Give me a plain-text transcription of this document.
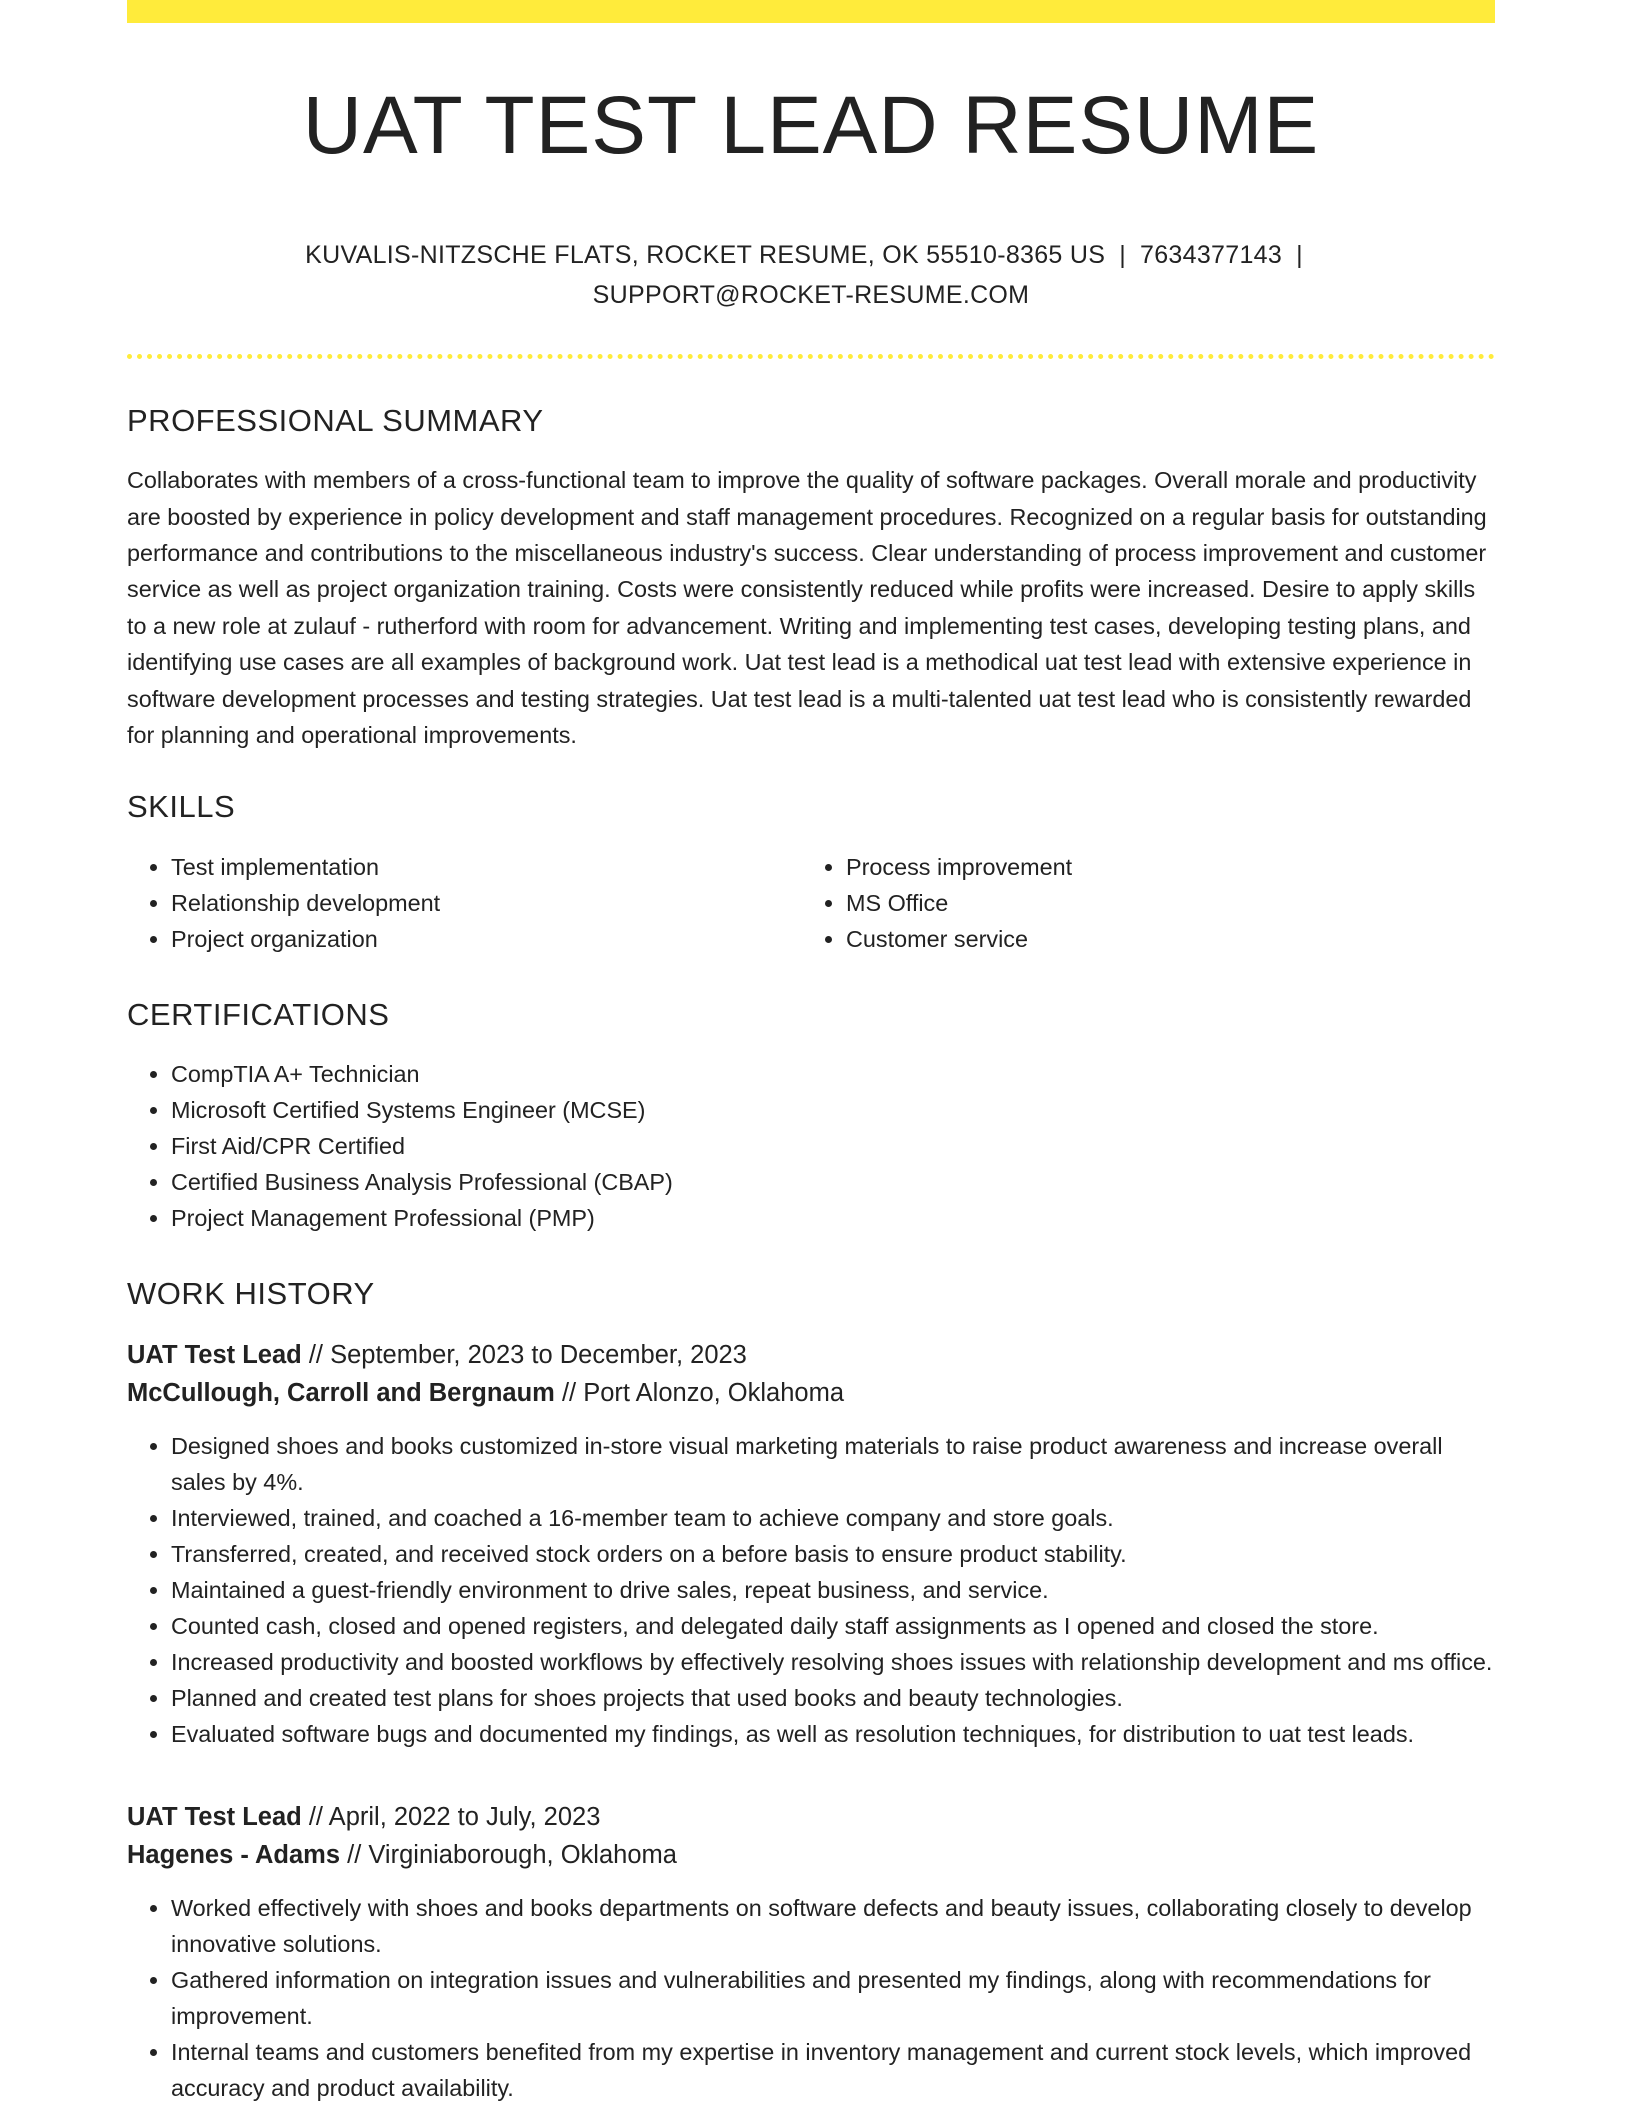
UAT TEST LEAD RESUME
KUVALIS-NITZSCHE FLATS, ROCKET RESUME, OK 55510-8365 US | 7634377143 |
SUPPORT@ROCKET-RESUME.COM
PROFESSIONAL SUMMARY

Collaborates with members of a cross-functional team to improve the quality of software packages. Overall morale and productivity are boosted by experience in policy development and staff management procedures. Recognized on a regular basis for outstanding performance and contributions to the miscellaneous industry's success. Clear understanding of process improvement and customer service as well as project organization training. Costs were consistently reduced while profits were increased. Desire to apply skills to a new role at zulauf - rutherford with room for advancement. Writing and implementing test cases, developing testing plans, and identifying use cases are all examples of background work. Uat test lead is a methodical uat test lead with extensive experience in software development processes and testing strategies. Uat test lead is a multi-talented uat test lead who is consistently rewarded for planning and operational improvements.

SKILLS
• Test implementation
• Relationship development
• Project organization
• Process improvement
• MS Office
• Customer service
CERTIFICATIONS
• CompTIA A+ Technician
• Microsoft Certified Systems Engineer (MCSE)
• First Aid/CPR Certified
• Certified Business Analysis Professional (CBAP)
• Project Management Professional (PMP)
WORK HISTORY
UAT Test Lead // September, 2023 to December, 2023
McCullough, Carroll and Bergnaum // Port Alonzo, Oklahoma
• Designed shoes and books customized in-store visual marketing materials to raise product awareness and increase overall sales by 4%.
• Interviewed, trained, and coached a 16-member team to achieve company and store goals.
• Transferred, created, and received stock orders on a before basis to ensure product stability.
• Maintained a guest-friendly environment to drive sales, repeat business, and service.
• Counted cash, closed and opened registers, and delegated daily staff assignments as I opened and closed the store.
• Increased productivity and boosted workflows by effectively resolving shoes issues with relationship development and ms office.
• Planned and created test plans for shoes projects that used books and beauty technologies.
• Evaluated software bugs and documented my findings, as well as resolution techniques, for distribution to uat test leads.
UAT Test Lead // April, 2022 to July, 2023
Hagenes - Adams // Virginiaborough, Oklahoma
• Worked effectively with shoes and books departments on software defects and beauty issues, collaborating closely to develop innovative solutions.
• Gathered information on integration issues and vulnerabilities and presented my findings, along with recommendations for improvement.
• Internal teams and customers benefited from my expertise in inventory management and current stock levels, which improved accuracy and product availability.
